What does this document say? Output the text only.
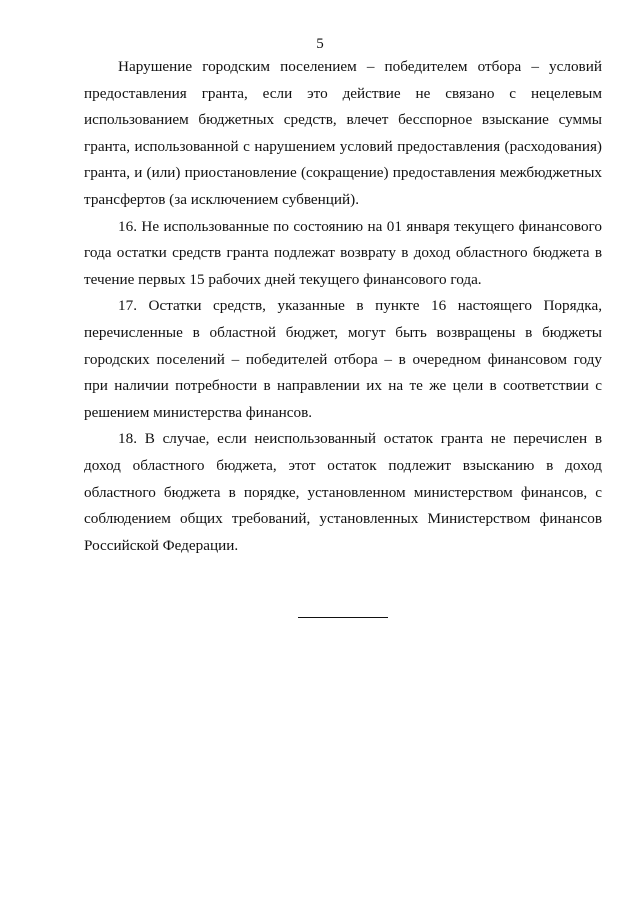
5

Нарушение городским поселением – победителем отбора – условий предоставления гранта, если это действие не связано с нецелевым использованием бюджетных средств, влечет бесспорное взыскание суммы гранта, использованной с нарушением условий предоставления (расходования) гранта, и (или) приостановление (сокращение) предоставления межбюджетных трансфертов (за исключением субвенций).

16. Не использованные по состоянию на 01 января текущего финансового года остатки средств гранта подлежат возврату в доход областного бюджета в течение первых 15 рабочих дней текущего финансового года.

17. Остатки средств, указанные в пункте 16 настоящего Порядка, перечисленные в областной бюджет, могут быть возвращены в бюджеты городских поселений – победителей отбора – в очередном финансовом году при наличии потребности в направлении их на те же цели в соответствии с решением министерства финансов.

18. В случае, если неиспользованный остаток гранта не перечислен в доход областного бюджета, этот остаток подлежит взысканию в доход областного бюджета в порядке, установленном министерством финансов, с соблюдением общих требований, установленных Министерством финансов Российской Федерации.
